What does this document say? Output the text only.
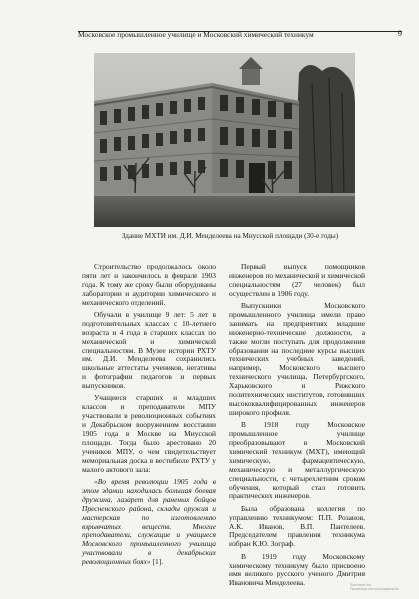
Московское промышленное училище и Московский химический техникум	9
Здание МХТИ им. Д.И. Менделеева на Миусской площади (30-е годы)

Строительство продолжалось около пяти лет и закончилось в феврале 1903 года. К тому же сроку были оборудованы лаборатории и аудитории химического и механического отделений.

Обучали в училище 9 лет: 5 лет в подготовительных классах с 10-летнего возраста и 4 года в старших классах по механической и химической специальностям. В Музее истории РХТУ им. Д.И. Менделеева сохранились школьные аттестаты учеников, негативы и фотографии педагогов и первых выпускников.

Учащиеся старших и младших классов и преподаватели МПУ участвовали в революционных событиях и Декабрьском вооруженном восстании 1905 года в Москве на Миусской площади. Тогда было арестовано 20 учеников МПУ, о чем свидетельствует мемориальная доска в вестибюле РХТУ у малого актового зала:

«Во время революции 1905 года в этом здании находилась большая боевая дружина, лазарет для раненых бойцов Пресненского района, склады оружия и мастерская по изготовлению взрывчатых веществ. Многие преподаватели, служащие и учащиеся Московского промышленного училища участвовали в декабрьских революционных боях» [1].

Первый выпуск помощников инженеров по механической и химической специальностям (27 человек) был осуществлен в 1906 году.

Выпускники Московского промышленного училища имели право занимать на предприятиях младшие инженерно-технические должности, а также могли поступать для продолжения образования на последние курсы высших технических учебных заведений, например, Московского высшего технического училища, Петербургского, Харьковского и Рижского политехнических институтов, готовивших высококвалифицированных инженеров широкого профиля.

В 1918 году Московское промышленное училище преобразовывают в Московский химический техникум (МХТ), имеющий химическую, фармацевтическую, механическую и металлургическую специальности, с четырехлетним сроком обучения, который стал готовить практических инженеров.

Была образована коллегия по управлению техникумом: П.П. Розанов, А.К. Иванов, В.П. Пантелеев. Председателем правления техникума избран К.Ю. Зограф.

В 1919 году Московскому химическому техникуму было присвоено имя великого русского ученого Дмитрия Ивановича Менделеева.	Scanned by
Facebook.com/uppoglasfon
